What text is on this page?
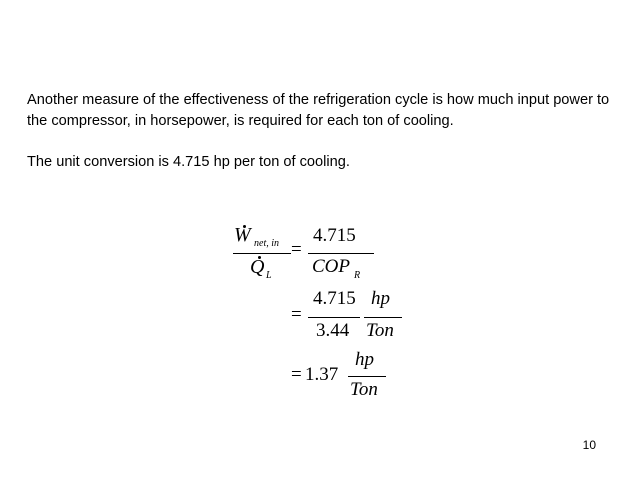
Another measure of the effectiveness of the refrigeration cycle is how much input power to the compressor, in horsepower, is required for each ton of cooling.

The unit conversion is 4.715 hp per ton of cooling.

W net, in
Q L
=
4.715
COP R
=
4.715
3.44
hp
Ton
= 1.37
hp
Ton
10
